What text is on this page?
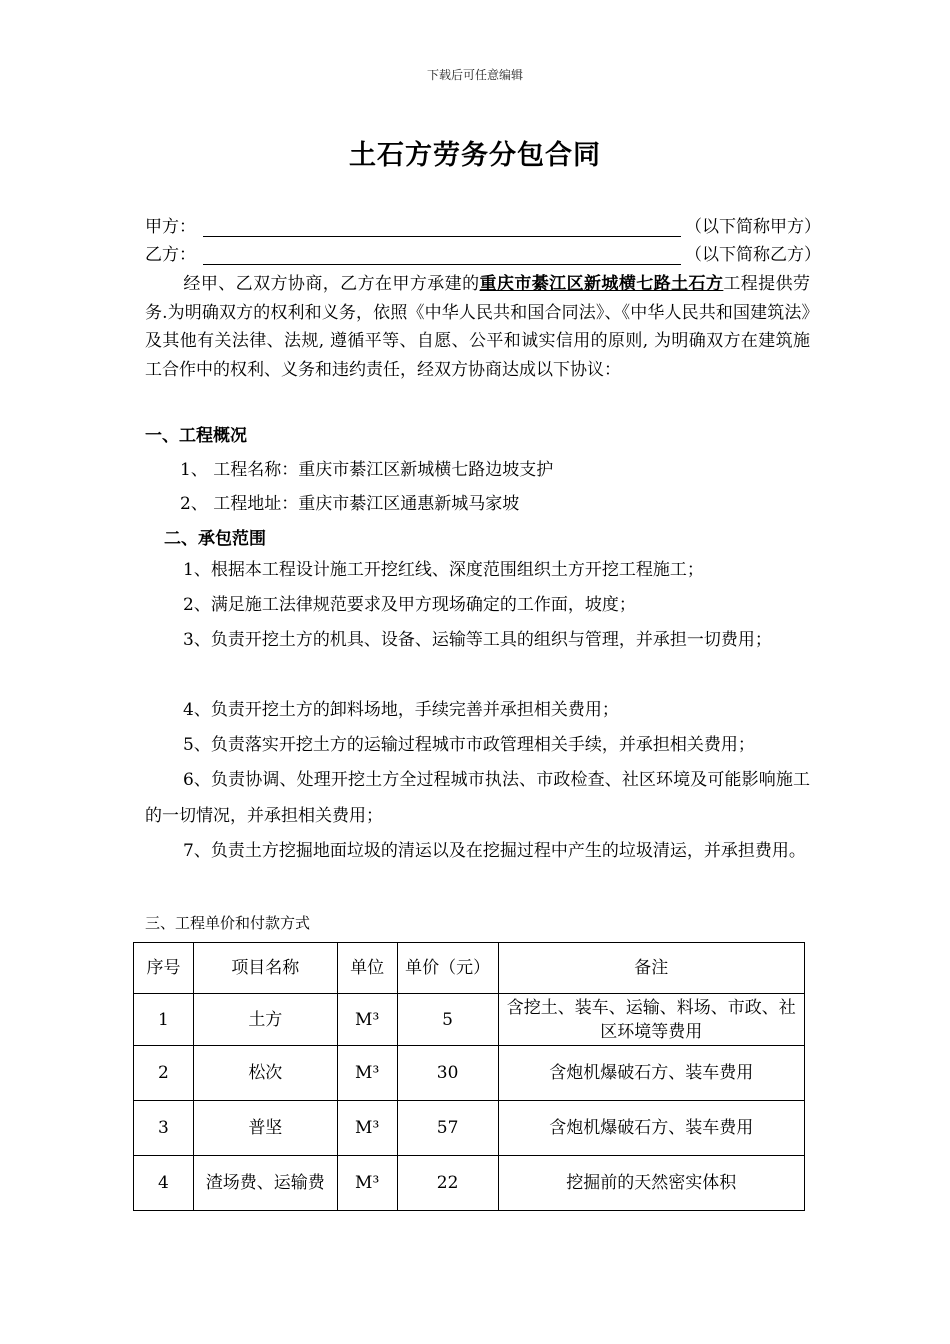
下载后可任意编辑
土石方劳务分包合同
甲方：	（以下简称甲方）
乙方：	（以下简称乙方）
经甲、乙双方协商，乙方在甲方承建的重庆市綦江区新城横七路土石方工程提供劳务.为明确双方的权利和义务，依照《中华人民共和国合同法》、《中华人民共和国建筑法》及其他有关法律、法规, 遵循平等、自愿、公平和诚实信用的原则, 为明确双方在建筑施工合作中的权利、义务和违约责任，经双方协商达成以下协议：
一、工程概况
1、 工程名称：重庆市綦江区新城横七路边坡支护
2、 工程地址：重庆市綦江区通惠新城马家坡
二、承包范围
1、根据本工程设计施工开挖红线、深度范围组织土方开挖工程施工；
2、满足施工法律规范要求及甲方现场确定的工作面，坡度；
3、负责开挖土方的机具、设备、运输等工具的组织与管理，并承担一切费用；
4、负责开挖土方的卸料场地，手续完善并承担相关费用；
5、负责落实开挖土方的运输过程城市市政管理相关手续，并承担相关费用；
6、负责协调、处理开挖土方全过程城市执法、市政检查、社区环境及可能影响施工的一切情况，并承担相关费用；
7、负责土方挖掘地面垃圾的清运以及在挖掘过程中产生的垃圾清运，并承担费用。
三、工程单价和付款方式
序号	项目名称	单位	单价（元）	备注
1	土方	M³	5	含挖土、装车、运输、料场、市政、社区环境等费用
2	松次	M³	30	含炮机爆破石方、装车费用
3	普坚	M³	57	含炮机爆破石方、装车费用
4	渣场费、运输费	M³	22	挖掘前的天然密实体积
